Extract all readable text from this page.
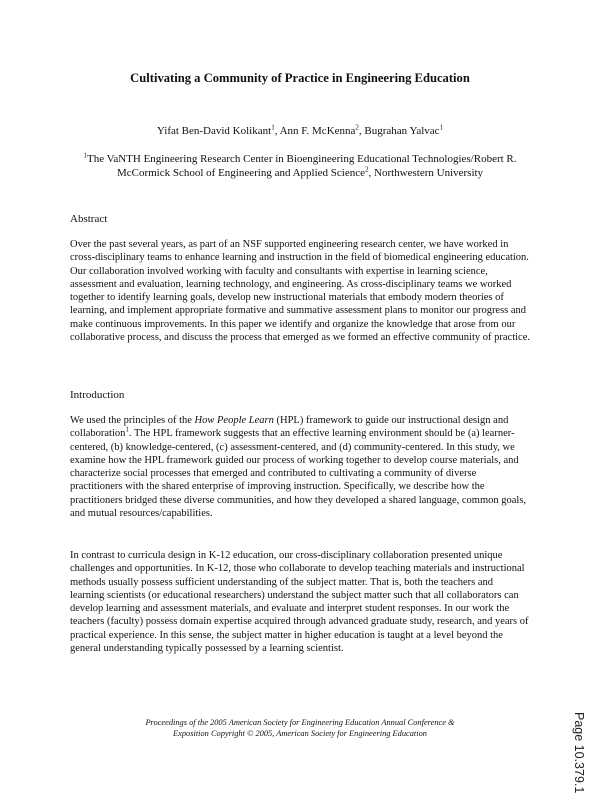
Cultivating a Community of Practice in Engineering Education
Yifat Ben-David Kolikant$^1$, Ann F. McKenna$^2$, Bugrahan Yalvac$^1$
$^1$The VaNTH Engineering Research Center in Bioengineering Educational Technologies/Robert R. McCormick School of Engineering and Applied Science$^2$, Northwestern University
Abstract

Over the past several years, as part of an NSF supported engineering research center, we have worked in cross-disciplinary teams to enhance learning and instruction in the field of biomedical engineering education. Our collaboration involved working with faculty and consultants with expertise in learning science, assessment and evaluation, learning technology, and engineering. As cross-disciplinary teams we worked together to identify learning goals, develop new instructional materials that embody modern theories of learning, and implement appropriate formative and summative assessment plans to monitor our progress and make continuous improvements. In this paper we identify and organize the knowledge that arose from our collaborative process, and discuss the process that emerged as we formed an effective community of practice.

Introduction

We used the principles of the How People Learn (HPL) framework to guide our instructional design and collaboration$^1$. The HPL framework suggests that an effective learning environment should be (a) learner-centered, (b) knowledge-centered, (c) assessment-centered, and (d) community-centered. In this study, we examine how the HPL framework guided our process of working together to develop course materials, and characterize social processes that emerged and contributed to cultivating a community of diverse practitioners with the shared enterprise of improving instruction. Specifically, we describe how the practitioners bridged these diverse communities, and how they developed a shared language, common goals, and mutual resources/capabilities.

In contrast to curricula design in K-12 education, our cross-disciplinary collaboration presented unique challenges and opportunities. In K-12, those who collaborate to develop teaching materials and instructional methods usually possess sufficient understanding of the subject matter. That is, both the teachers and learning scientists (or educational researchers) understand the subject matter such that all collaborators can develop learning and assessment materials, and evaluate and interpret student responses. In our work the teachers (faculty) possess domain expertise acquired through advanced graduate study, research, and years of practical experience. In this sense, the subject matter in higher education is taught at a level beyond the general understanding typically possessed by a learning scientist.

Proceedings of the 2005 American Society for Engineering Education Annual Conference &
Exposition Copyright © 2005, American Society for Engineering Education	Page 10.379.1
